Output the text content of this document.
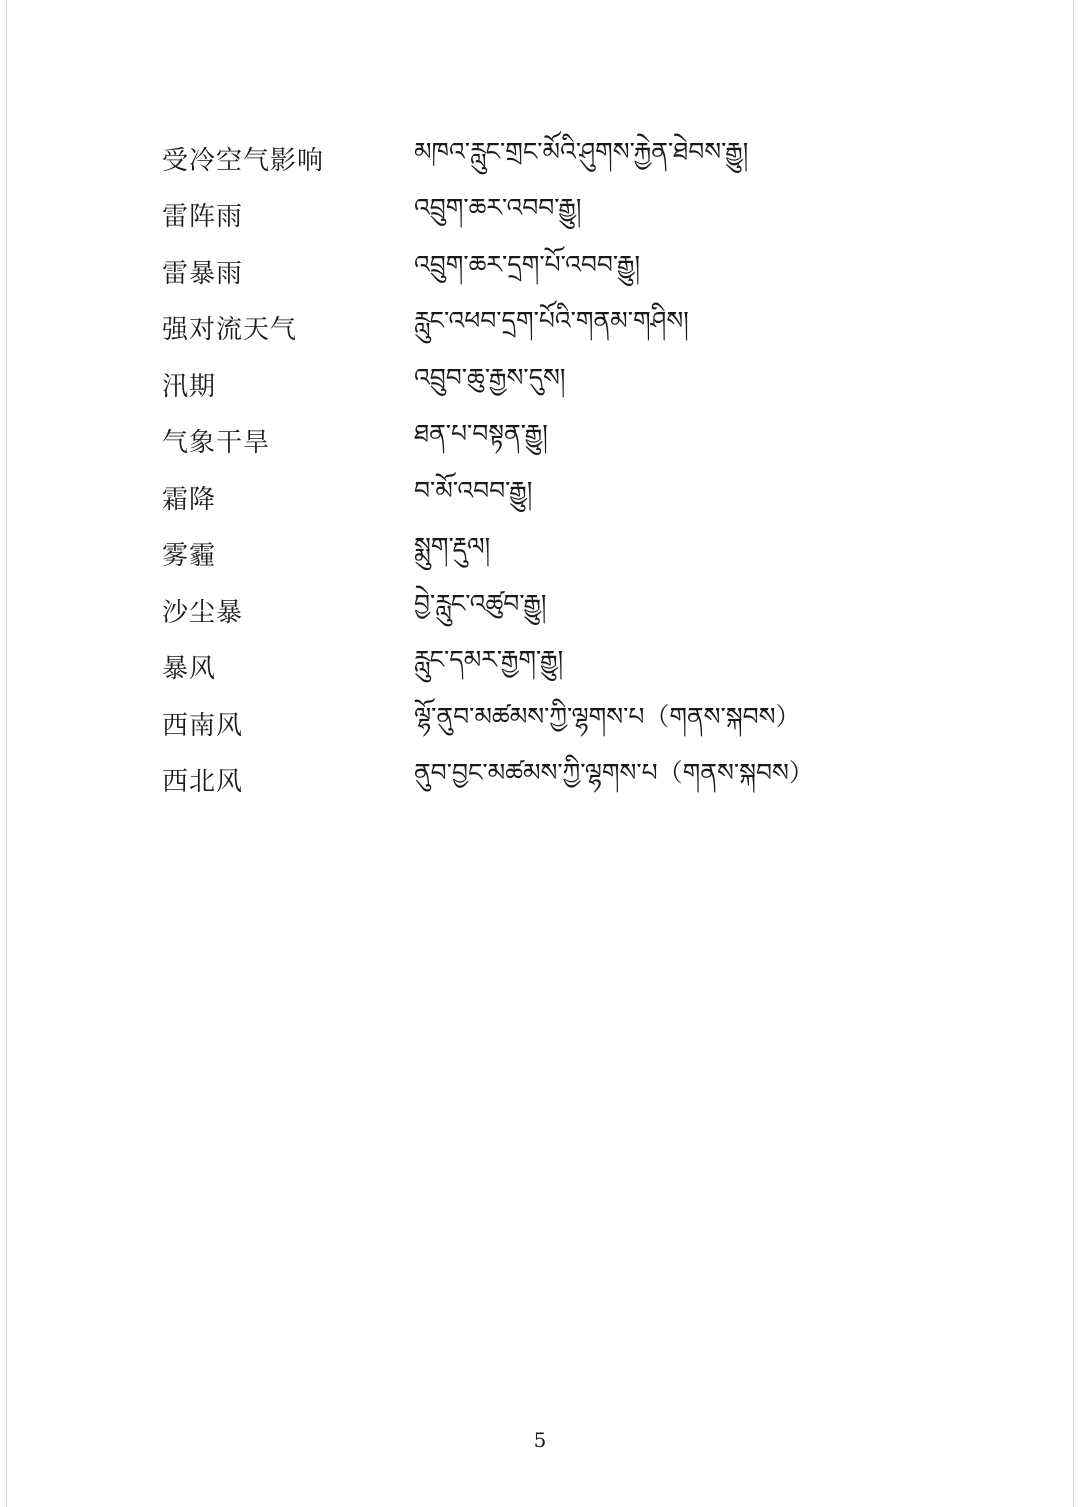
受冷空气影响	མཁའ་རླུང་གྲང་མོའི་ཤུགས་རྐྱེན་ཐེབས་རྒྱུ།
雷阵雨	འབྲུག་ཆར་འབབ་རྒྱུ།
雷暴雨	འབྲུག་ཆར་དྲག་པོ་འབབ་རྒྱུ།
强对流天气	རླུང་འཕབ་དྲག་པོའི་གནམ་གཤིས།
汛期	འབྲུབ་ཆུ་རྒྱས་དུས།
气象干旱	ཐན་པ་བསྟན་རྒྱུ།
霜降	བ་མོ་འབབ་རྒྱུ།
雾霾	སྨུག་རྡུལ།
沙尘暴	བྱེ་རླུང་འཚུབ་རྒྱུ།
暴风	རླུང་དམར་རྒྱག་རྒྱུ།
西南风	ལྷོ་ནུབ་མཚམས་ཀྱི་ལྷགས་པ（གནས་སྐབས）
西北风	ནུབ་བྱང་མཚམས་ཀྱི་ལྷགས་པ（གནས་སྐབས）
5
